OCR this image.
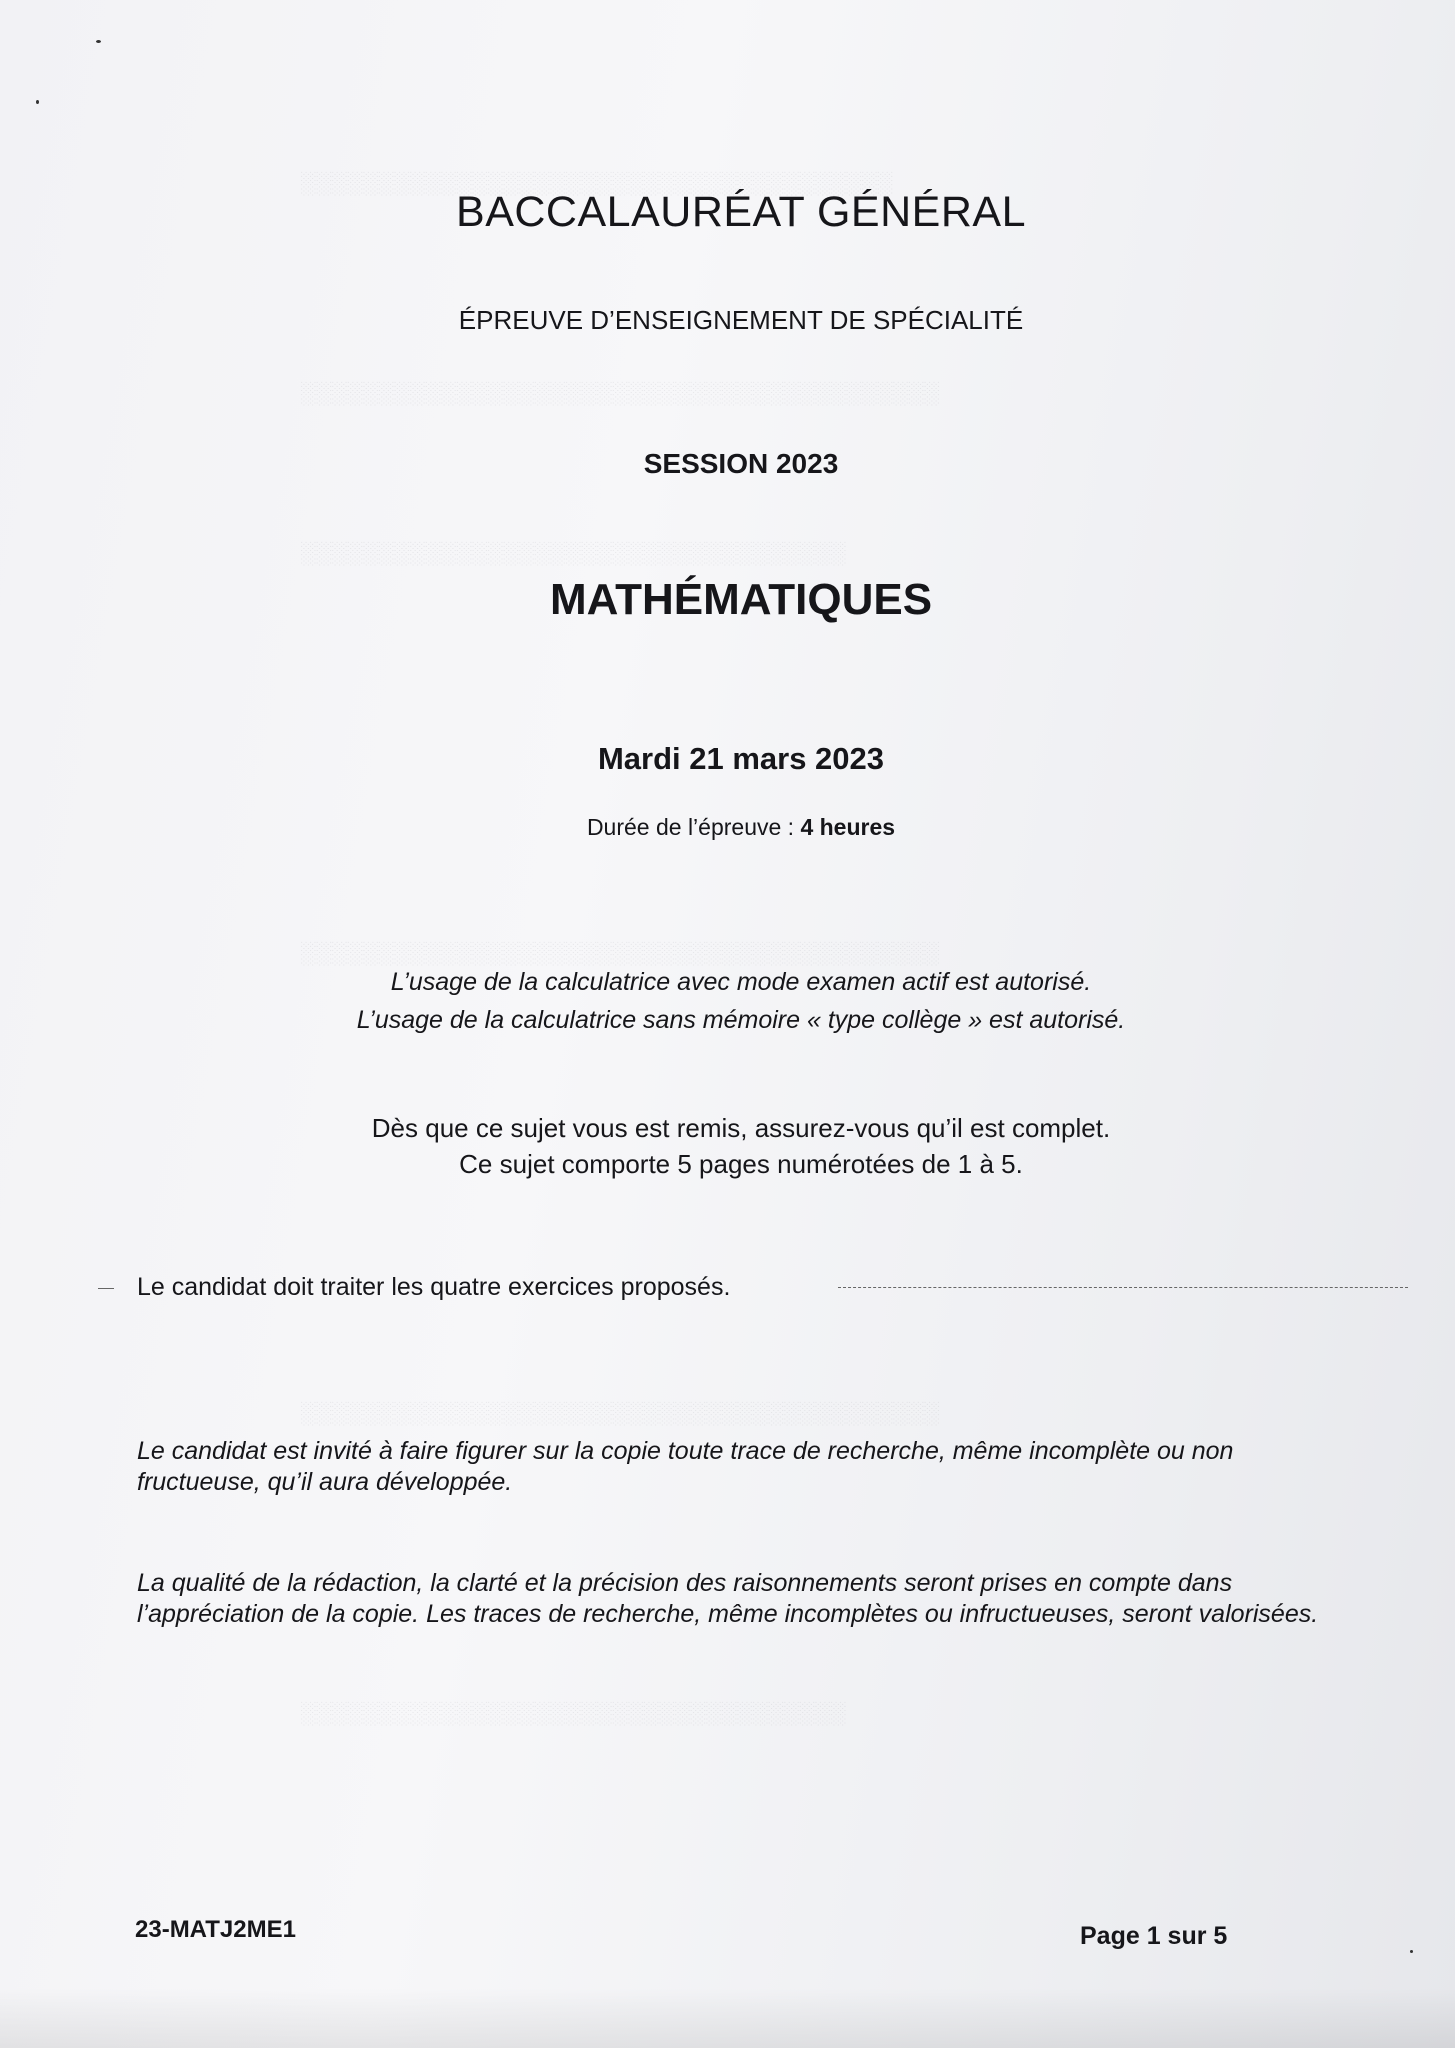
░░░░░░░░░░░░░░░░░░░░░░░░░░░░░░░░░░░░░░
░░░░░░░░░░░░░░░░░░░░░░░░░░░░░░░░░░░░░░░░░
░░░░░░░░░░░░░░░░░░░░░░░░░░░░░░░░░░░
░░░░░░░░░░░░░░░░░░░░░░░░░░░░░░░░░░░░░░░░░
░░░░░░░░░░░░░░░░░░░░░░░░░░░░░░░░░░░░░░░░░
░░░░░░░░░░░░░░░░░░░░░░░░░░░░░░░░░░░
BACCALAURÉAT GÉNÉRAL
ÉPREUVE D’ENSEIGNEMENT DE SPÉCIALITÉ
SESSION 2023
MATHÉMATIQUES
Mardi 21 mars 2023
Durée de l’épreuve : 4 heures
L’usage de la calculatrice avec mode examen actif est autorisé.
L’usage de la calculatrice sans mémoire « type collège » est autorisé.
Dès que ce sujet vous est remis, assurez-vous qu’il est complet.
Ce sujet comporte 5 pages numérotées de 1 à 5.
Le candidat doit traiter les quatre exercices proposés.
Le candidat est invité à faire figurer sur la copie toute trace de recherche, même incomplète ou non fructueuse, qu’il aura développée.
La qualité de la rédaction, la clarté et la précision des raisonnements seront prises en compte dans l’appréciation de la copie. Les traces de recherche, même incomplètes ou infructueuses, seront valorisées.
23-MATJ2ME1	Page 1 sur 5
